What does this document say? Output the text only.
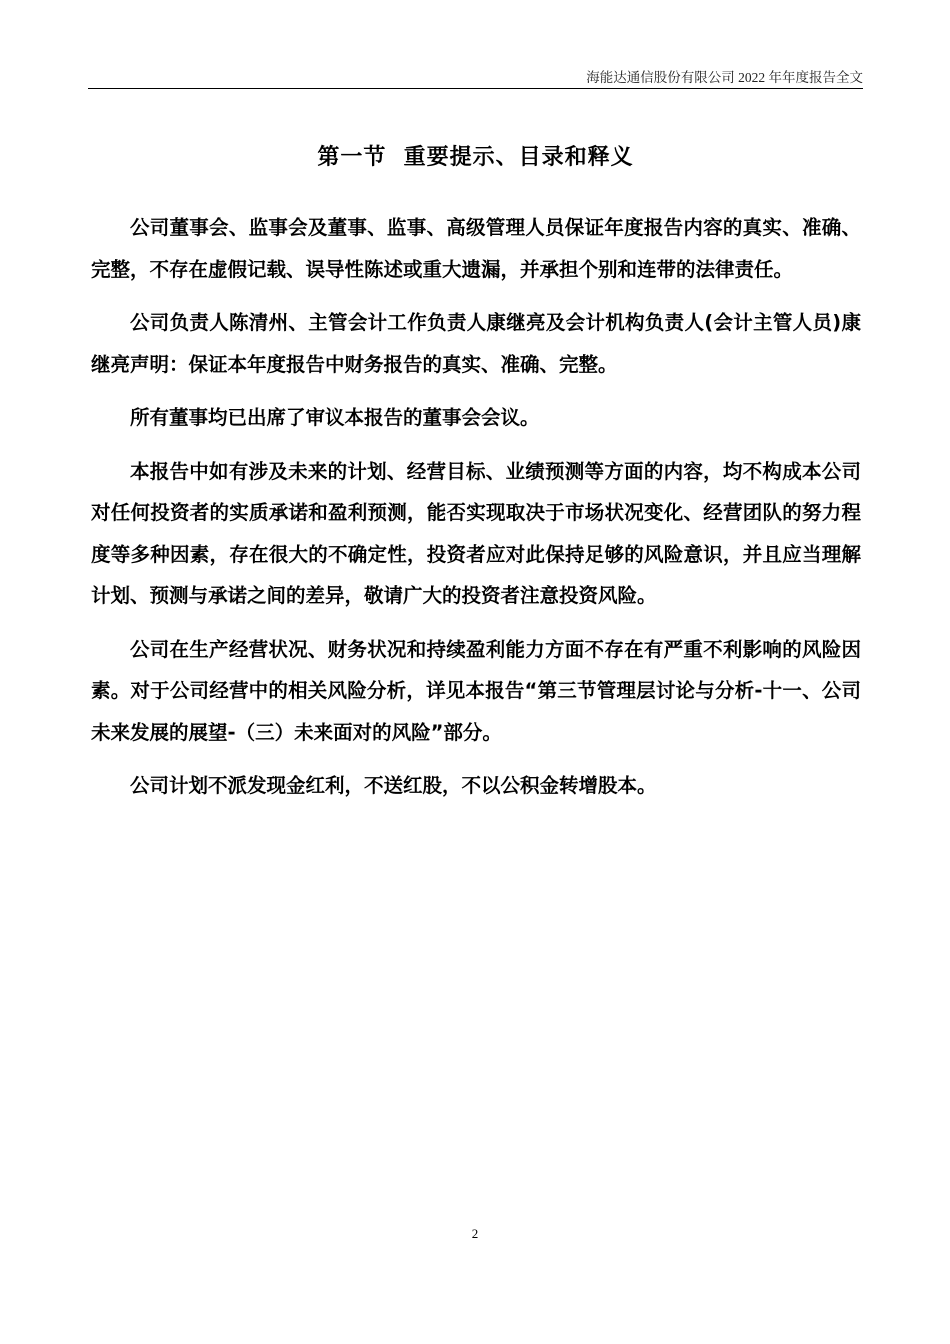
海能达通信股份有限公司 2022 年年度报告全文
第一节  重要提示、目录和释义

公司董事会、监事会及董事、监事、高级管理人员保证年度报告内容的真实、准确、完整，不存在虚假记载、误导性陈述或重大遗漏，并承担个别和连带的法律责任。

公司负责人陈清州、主管会计工作负责人康继亮及会计机构负责人(会计主管人员)康继亮声明：保证本年度报告中财务报告的真实、准确、完整。

所有董事均已出席了审议本报告的董事会会议。

本报告中如有涉及未来的计划、经营目标、业绩预测等方面的内容，均不构成本公司对任何投资者的实质承诺和盈利预测，能否实现取决于市场状况变化、经营团队的努力程度等多种因素，存在很大的不确定性，投资者应对此保持足够的风险意识，并且应当理解计划、预测与承诺之间的差异，敬请广大的投资者注意投资风险。

公司在生产经营状况、财务状况和持续盈利能力方面不存在有严重不利影响的风险因素。对于公司经营中的相关风险分析，详见本报告“第三节管理层讨论与分析-十一、公司未来发展的展望-（三）未来面对的风险”部分。

公司计划不派发现金红利，不送红股，不以公积金转增股本。

2
